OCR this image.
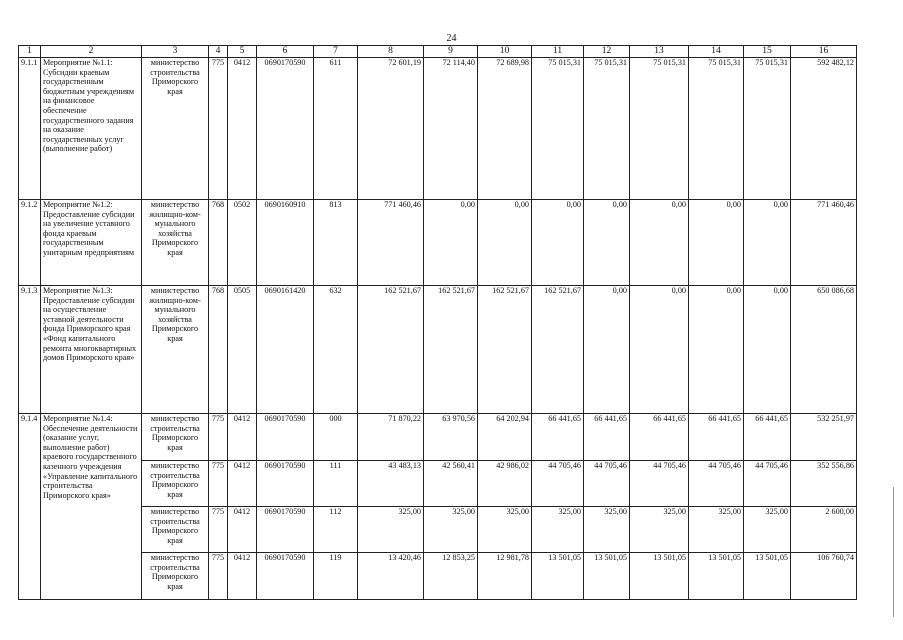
24
1	2	3	4	5	6	7	8	9	10	11	12	13	14	15	16
9.1.1	Мероприятие №1.1: Субсидии краевым государственным бюджетным учреждениям на финансовое обеспечение государственного задания на оказание государственных услуг (выполнение работ)	министерство строительства Приморского края	775	0412	0690170590	611	72 601,19	72 114,40	72 689,98	75 015,31	75 015,31	75 015,31	75 015,31	75 015,31	592 482,12
9.1.2	Мероприятие №1.2: Предоставление субсидии на увеличение уставного фонда краевым государственным унитарным предприятиям	министерство жилищно-ком-мунального хозяйства Приморского края	768	0502	0690160910	813	771 460,46	0,00	0,00	0,00	0,00	0,00	0,00	0,00	771 460,46
9.1.3	Мероприятие №1.3: Предоставление субсидии на осуществление уставной деятельности фонда Приморского края «Фонд капитального ремонта многоквартирных домов Приморского края»	министерство жилищно-ком-мунального хозяйства Приморского края	768	0505	0690161420	632	162 521,67	162 521,67	162 521,67	162 521,67	0,00	0,00	0,00	0,00	650 086,68
9.1.4	Мероприятие №1.4: Обеспечение деятельности (оказание услуг, выполнение работ) краевого государственного казенного учреждения «Управление капитального строительства Приморского края»	министерство строительства Приморского края	775	0412	0690170590	000	71 870,22	63 970,56	64 202,94	66 441,65	66 441,65	66 441,65	66 441,65	66 441,65	532 251,97
		министерство строительства Приморского края	775	0412	0690170590	111	43 483,13	42 560,41	42 986,02	44 705,46	44 705,46	44 705,46	44 705,46	44 705,46	352 556,86
		министерство строительства Приморского края	775	0412	0690170590	112	325,00	325,00	325,00	325,00	325,00	325,00	325,00	325,00	2 600,00
		министерство строительства Приморского края	775	0412	0690170590	119	13 420,46	12 853,25	12 981,78	13 501,05	13 501,05	13 501,05	13 501,05	13 501,05	106 760,74
